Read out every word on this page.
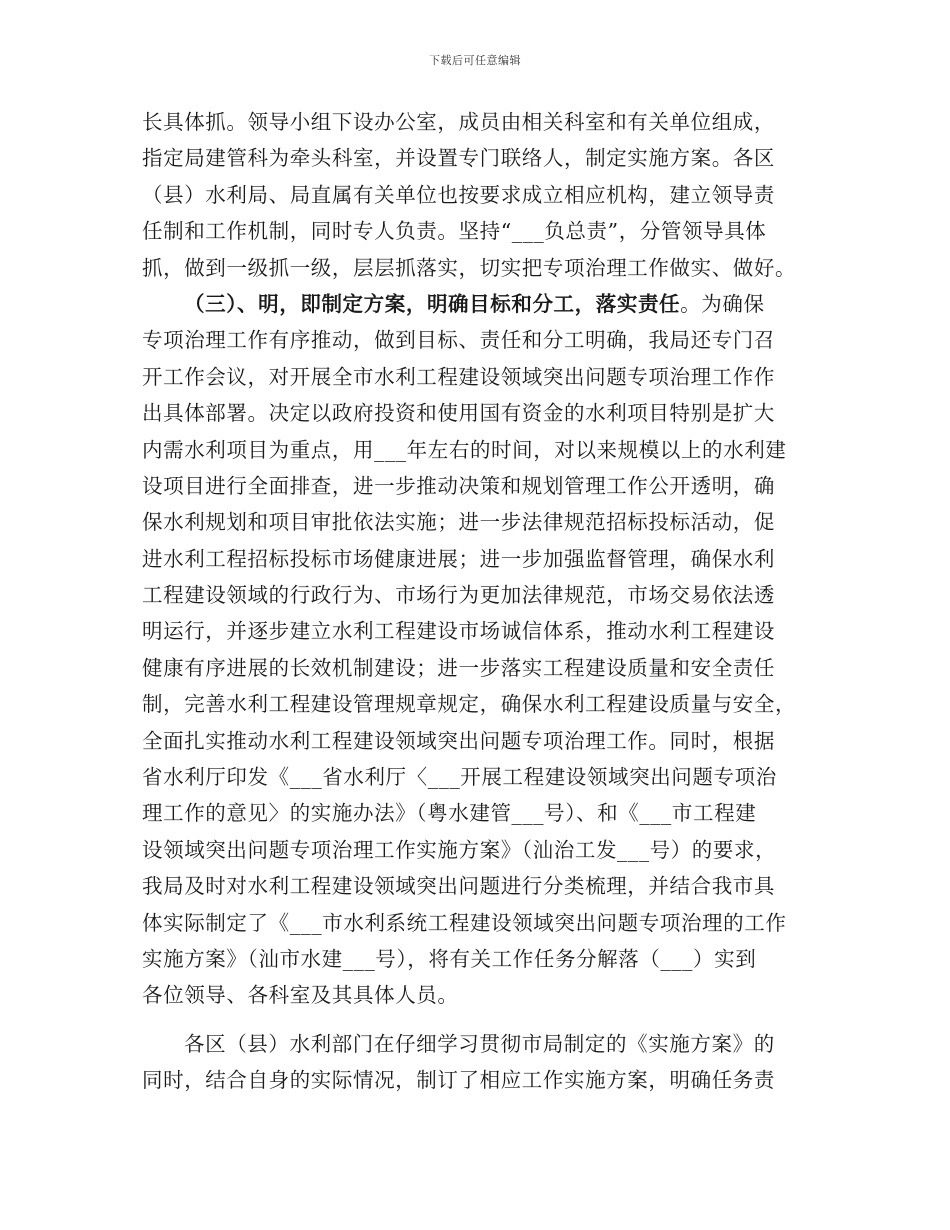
下载后可任意编辑
长具体抓。领导小组下设办公室，成员由相关科室和有关单位组成，
指定局建管科为牵头科室，并设置专门联络人，制定实施方案。各区
（县）水利局、局直属有关单位也按要求成立相应机构，建立领导责
任制和工作机制，同时专人负责。坚持“___负总责”，分管领导具体
抓，做到一级抓一级，层层抓落实，切实把专项治理工作做实、做好。
（三）、明，即制定方案，明确目标和分工，落实责任。为确保
专项治理工作有序推动，做到目标、责任和分工明确，我局还专门召
开工作会议，对开展全市水利工程建设领域突出问题专项治理工作作
出具体部署。决定以政府投资和使用国有资金的水利项目特别是扩大
内需水利项目为重点，用___年左右的时间，对以来规模以上的水利建
设项目进行全面排查，进一步推动决策和规划管理工作公开透明，确
保水利规划和项目审批依法实施；进一步法律规范招标投标活动，促
进水利工程招标投标市场健康进展；进一步加强监督管理，确保水利
工程建设领域的行政行为、市场行为更加法律规范，市场交易依法透
明运行，并逐步建立水利工程建设市场诚信体系，推动水利工程建设
健康有序进展的长效机制建设；进一步落实工程建设质量和安全责任
制，完善水利工程建设管理规章规定，确保水利工程建设质量与安全，
全面扎实推动水利工程建设领域突出问题专项治理工作。同时，根据
省水利厅印发《___省水利厅〈___开展工程建设领域突出问题专项治
理工作的意见〉的实施办法》（粤水建管___号）、和《___市工程建
设领域突出问题专项治理工作实施方案》（汕治工发___号）的要求，
我局及时对水利工程建设领域突出问题进行分类梳理，并结合我市具
体实际制定了《___市水利系统工程建设领域突出问题专项治理的工作
实施方案》（汕市水建___号），将有关工作任务分解落（___）实到
各位领导、各科室及其具体人员。
各区（县）水利部门在仔细学习贯彻市局制定的《实施方案》的
同时，结合自身的实际情况，制订了相应工作实施方案，明确任务责
